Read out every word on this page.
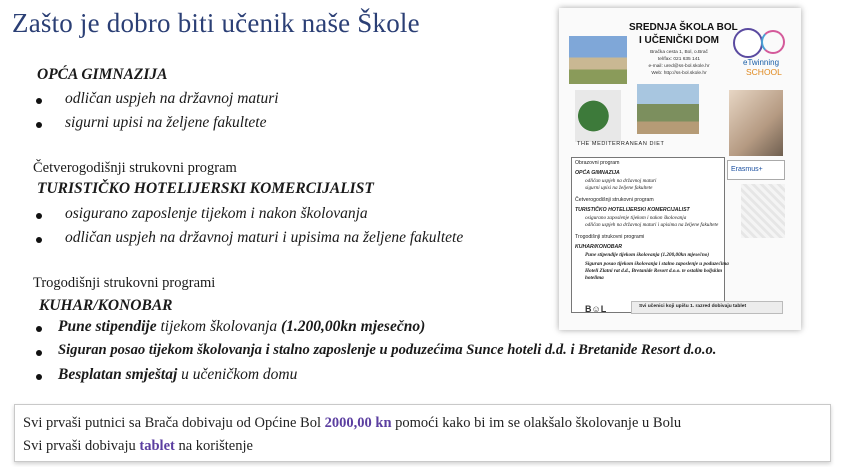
Zašto je dobro biti učenik naše Škole
OPĆA GIMNAZIJA
odličan uspjeh na državnoj maturi
sigurni upisi na željene fakultete
Četverogodišnji strukovni program
TURISTIČKO HOTELIJERSKI KOMERCIJALIST
osigurano zaposlenje tijekom i nakon školovanja
odličan uspjeh na državnoj maturi i upisima na željene fakultete
Trogodišnji strukovni programi
KUHAR/KONOBAR
Pune stipendije tijekom školovanja (1.200,00kn mjesečno)
Siguran posao tijekom školovanja i stalno zaposlenje u poduzećima Sunce hoteli d.d. i Bretanide Resort d.o.o.
Besplatan smještaj u učeničkom domu
Svi prvaši putnici sa Brača dobivaju od Općine Bol 2000,00 kn pomoći kako bi im se olakšalo školovanje u Bolu
Svi prvaši dobivaju tablet na korištenje
SREDNJA ŠKOLA BOL
I UČENIČKI DOM
Bračka cesta 1, Bol, o.Brač
tel/fax: 021 635 141
e-mail: ured@ss-bol.skole.hr
Web: http://ss-bol.skole.hr
eTwinning
SCHOOL
THE MEDITERRANEAN DIET
Erasmus+
Obrazovni program
OPĆA GIMNAZIJA
odličan uspjeh na državnoj maturi
sigurni upisi na željene fakultete
Četverogodišnji strukovni program
TURISTIČKO HOTELIJERSKI KOMERCIJALIST
osigurano zaposlenje tijekom i nakon školovanja
odličan uspjeh na državnoj maturi i upisima na željene fakultete
Trogodišnji strukovni programi
KUHAR/KONOBAR
Pune stipendije tijekom školovanja (1.200,00kn mjesečno)
Siguran posao tijekom školovanja i stalno zaposlenje u poduzećima
Hoteli Zlatni rat d.d., Bretanide Resort d.o.o. te ostalim boljskim
hotelima
B☺L	Svi učenici koji upišu 1. razred dobivaju tablet
